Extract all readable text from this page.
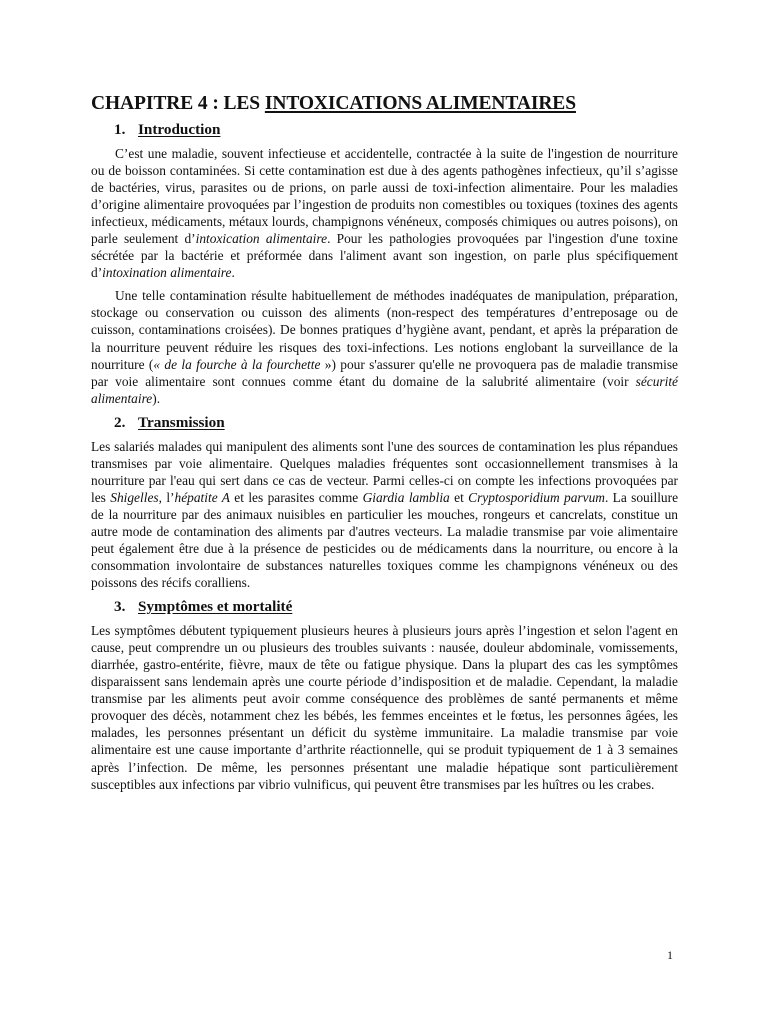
CHAPITRE 4 : LES INTOXICATIONS ALIMENTAIRES
1. Introduction

C’est une maladie, souvent infectieuse et accidentelle, contractée à la suite de l'ingestion de nourriture ou de boisson contaminées. Si cette contamination est due à des agents pathogènes infectieux, qu’il s’agisse de bactéries, virus, parasites ou de prions, on parle aussi de toxi-infection alimentaire. Pour les maladies d’origine alimentaire provoquées par l’ingestion de produits non comestibles ou toxiques (toxines des agents infectieux, médicaments, métaux lourds, champignons vénéneux, composés chimiques ou autres poisons), on parle seulement d’intoxication alimentaire. Pour les pathologies provoquées par l'ingestion d'une toxine sécrétée par la bactérie et préformée dans l'aliment avant son ingestion, on parle plus spécifiquement d’intoxination alimentaire.

Une telle contamination résulte habituellement de méthodes inadéquates de manipulation, préparation, stockage ou conservation ou cuisson des aliments (non-respect des températures d’entreposage ou de cuisson, contaminations croisées). De bonnes pratiques d’hygiène avant, pendant, et après la préparation de la nourriture peuvent réduire les risques des toxi-infections. Les notions englobant la surveillance de la nourriture (« de la fourche à la fourchette ») pour s'assurer qu'elle ne provoquera pas de maladie transmise par voie alimentaire sont connues comme étant du domaine de la salubrité alimentaire (voir sécurité alimentaire).

2. Transmission

Les salariés malades qui manipulent des aliments sont l'une des sources de contamination les plus répandues transmises par voie alimentaire. Quelques maladies fréquentes sont occasionnellement transmises à la nourriture par l'eau qui sert dans ce cas de vecteur. Parmi celles-ci on compte les infections provoquées par les Shigelles, l’hépatite A et les parasites comme Giardia lamblia et Cryptosporidium parvum. La souillure de la nourriture par des animaux nuisibles en particulier les mouches, rongeurs et cancrelats, constitue un autre mode de contamination des aliments par d'autres vecteurs. La maladie transmise par voie alimentaire peut également être due à la présence de pesticides ou de médicaments dans la nourriture, ou encore à la consommation involontaire de substances naturelles toxiques comme les champignons vénéneux ou des poissons des récifs coralliens.

3. Symptômes et mortalité

Les symptômes débutent typiquement plusieurs heures à plusieurs jours après l’ingestion et selon l'agent en cause, peut comprendre un ou plusieurs des troubles suivants : nausée, douleur abdominale, vomissements, diarrhée, gastro-entérite, fièvre, maux de tête ou fatigue physique. Dans la plupart des cas les symptômes disparaissent sans lendemain après une courte période d’indisposition et de maladie. Cependant, la maladie transmise par les aliments peut avoir comme conséquence des problèmes de santé permanents et même provoquer des décès, notamment chez les bébés, les femmes enceintes et le fœtus, les personnes âgées, les malades, les personnes présentant un déficit du système immunitaire. La maladie transmise par voie alimentaire est une cause importante d’arthrite réactionnelle, qui se produit typiquement de 1 à 3 semaines après l’infection. De même, les personnes présentant une maladie hépatique sont particulièrement susceptibles aux infections par vibrio vulnificus, qui peuvent être transmises par les huîtres ou les crabes.

1
